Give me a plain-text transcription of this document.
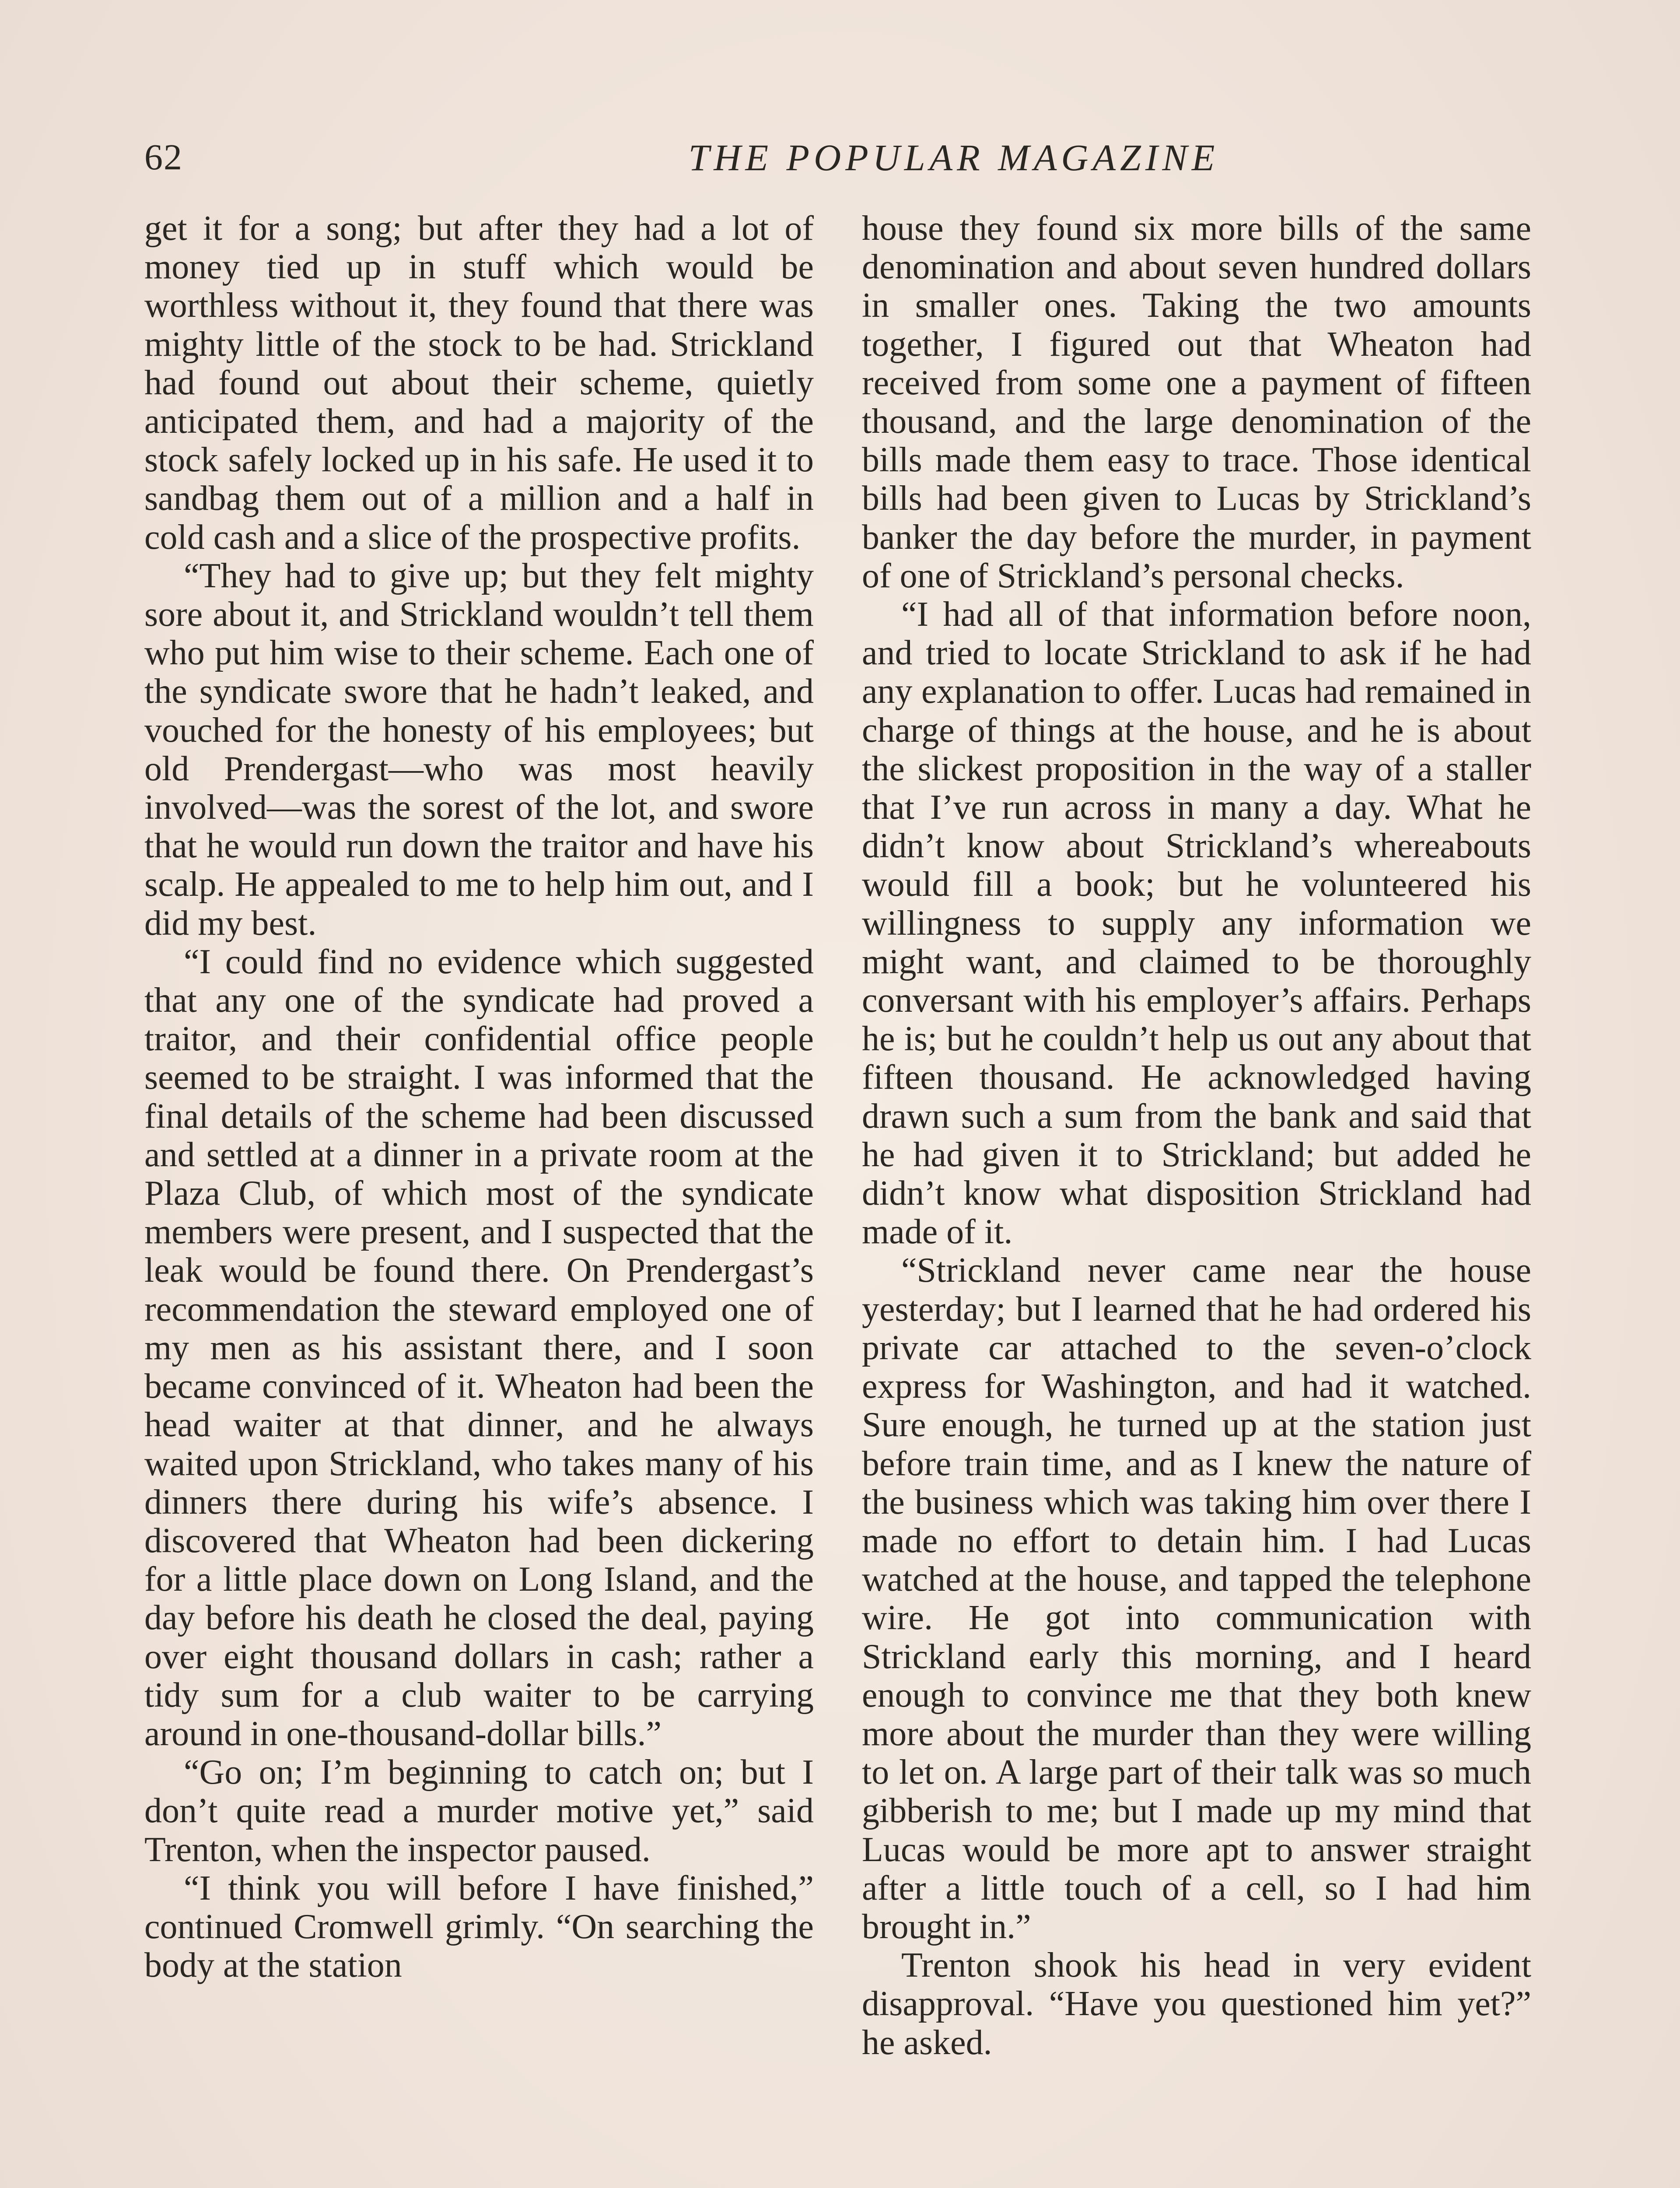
62	THE POPULAR MAGAZINE

get it for a song; but after they had a lot of money tied up in stuff which would be worthless without it, they found that there was mighty little of the stock to be had. Strickland had found out about their scheme, quietly anticipated them, and had a majority of the stock safely locked up in his safe. He used it to sandbag them out of a million and a half in cold cash and a slice of the prospective profits.

“They had to give up; but they felt mighty sore about it, and Strickland wouldn’t tell them who put him wise to their scheme. Each one of the syndicate swore that he hadn’t leaked, and vouched for the honesty of his employees; but old Prendergast—who was most heavily involved—was the sorest of the lot, and swore that he would run down the traitor and have his scalp. He appealed to me to help him out, and I did my best.

“I could find no evidence which suggested that any one of the syndicate had proved a traitor, and their confidential office people seemed to be straight. I was informed that the final details of the scheme had been discussed and settled at a dinner in a private room at the Plaza Club, of which most of the syndicate members were present, and I suspected that the leak would be found there. On Prendergast’s recommendation the steward employed one of my men as his assistant there, and I soon became convinced of it. Wheaton had been the head waiter at that dinner, and he always waited upon Strickland, who takes many of his dinners there during his wife’s absence. I discovered that Wheaton had been dickering for a little place down on Long Island, and the day before his death he closed the deal, paying over eight thousand dollars in cash; rather a tidy sum for a club waiter to be carrying around in one-thousand-dollar bills.”

“Go on; I’m beginning to catch on; but I don’t quite read a murder motive yet,” said Trenton, when the inspector paused.

“I think you will before I have finished,” continued Cromwell grimly. “On searching the body at the station

house they found six more bills of the same denomination and about seven hundred dollars in smaller ones. Taking the two amounts together, I figured out that Wheaton had received from some one a payment of fifteen thousand, and the large denomination of the bills made them easy to trace. Those identical bills had been given to Lucas by Strickland’s banker the day before the murder, in payment of one of Strickland’s personal checks.

“I had all of that information before noon, and tried to locate Strickland to ask if he had any explanation to offer. Lucas had remained in charge of things at the house, and he is about the slickest proposition in the way of a staller that I’ve run across in many a day. What he didn’t know about Strickland’s whereabouts would fill a book; but he volunteered his willingness to supply any information we might want, and claimed to be thoroughly conversant with his employer’s affairs. Perhaps he is; but he couldn’t help us out any about that fifteen thousand. He acknowledged having drawn such a sum from the bank and said that he had given it to Strickland; but added he didn’t know what disposition Strickland had made of it.

“Strickland never came near the house yesterday; but I learned that he had ordered his private car attached to the seven-o’clock express for Washington, and had it watched. Sure enough, he turned up at the station just before train time, and as I knew the nature of the business which was taking him over there I made no effort to detain him. I had Lucas watched at the house, and tapped the telephone wire. He got into communication with Strickland early this morning, and I heard enough to convince me that they both knew more about the murder than they were willing to let on. A large part of their talk was so much gibberish to me; but I made up my mind that Lucas would be more apt to answer straight after a little touch of a cell, so I had him brought in.”

Trenton shook his head in very evident disapproval. “Have you questioned him yet?” he asked.
